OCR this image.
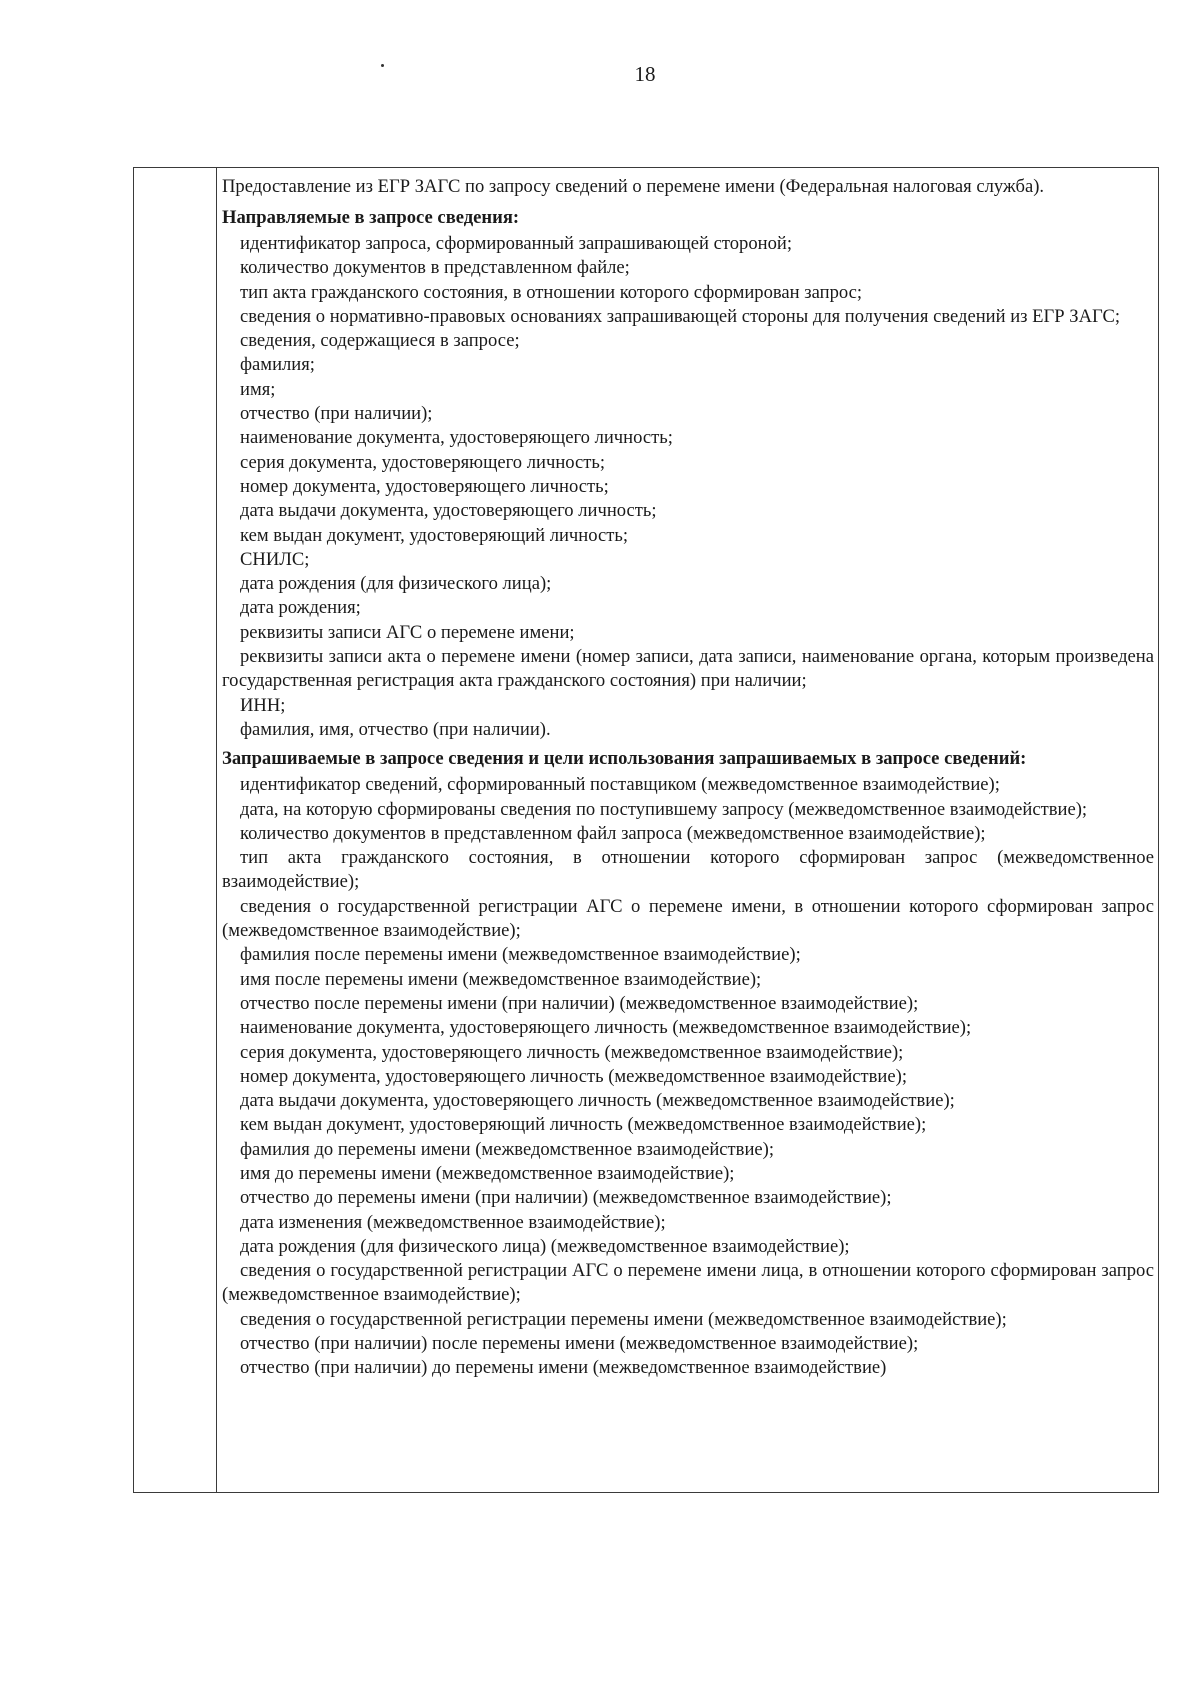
18

Предоставление из ЕГР ЗАГС по запросу сведений о перемене имени (Федеральная налоговая служба).

Направляемые в запросе сведения:

идентификатор запроса, сформированный запрашивающей стороной;

количество документов в представленном файле;

тип акта гражданского состояния, в отношении которого сформирован запрос;

сведения о нормативно-правовых основаниях запрашивающей стороны для получения сведений из ЕГР ЗАГС;

сведения, содержащиеся в запросе;

фамилия;

имя;

отчество (при наличии);

наименование документа, удостоверяющего личность;

серия документа, удостоверяющего личность;

номер документа, удостоверяющего личность;

дата выдачи документа, удостоверяющего личность;

кем выдан документ, удостоверяющий личность;

СНИЛС;

дата рождения (для физического лица);

дата рождения;

реквизиты записи АГС о перемене имени;

реквизиты записи акта о перемене имени (номер записи, дата записи, наименование органа, которым произведена государственная регистрация акта гражданского состояния) при наличии;

ИНН;

фамилия, имя, отчество (при наличии).

Запрашиваемые в запросе сведения и цели использования запрашиваемых в запросе сведений:

идентификатор сведений, сформированный поставщиком (межведомственное взаимодействие);

дата, на которую сформированы сведения по поступившему запросу (межведомственное взаимодействие);

количество документов в представленном файл запроса (межведомственное взаимодействие);

тип акта гражданского состояния, в отношении которого сформирован запрос (межведомственное взаимодействие);

сведения о государственной регистрации АГС о перемене имени, в отношении которого сформирован запрос (межведомственное взаимодействие);

фамилия после перемены имени (межведомственное взаимодействие);

имя после перемены имени (межведомственное взаимодействие);

отчество после перемены имени (при наличии) (межведомственное взаимодействие);

наименование документа, удостоверяющего личность (межведомственное взаимодействие);

серия документа, удостоверяющего личность (межведомственное взаимодействие);

номер документа, удостоверяющего личность (межведомственное взаимодействие);

дата выдачи документа, удостоверяющего личность (межведомственное взаимодействие);

кем выдан документ, удостоверяющий личность (межведомственное взаимодействие);

фамилия до перемены имени (межведомственное взаимодействие);

имя до перемены имени (межведомственное взаимодействие);

отчество до перемены имени (при наличии) (межведомственное взаимодействие);

дата изменения (межведомственное взаимодействие);

дата рождения (для физического лица) (межведомственное взаимодействие);

сведения о государственной регистрации АГС о перемене имени лица, в отношении которого сформирован запрос (межведомственное взаимодействие);

сведения о государственной регистрации перемены имени (межведомственное взаимодействие);

отчество (при наличии) после перемены имени (межведомственное взаимодействие);

отчество (при наличии) до перемены имени (межведомственное взаимодействие)
